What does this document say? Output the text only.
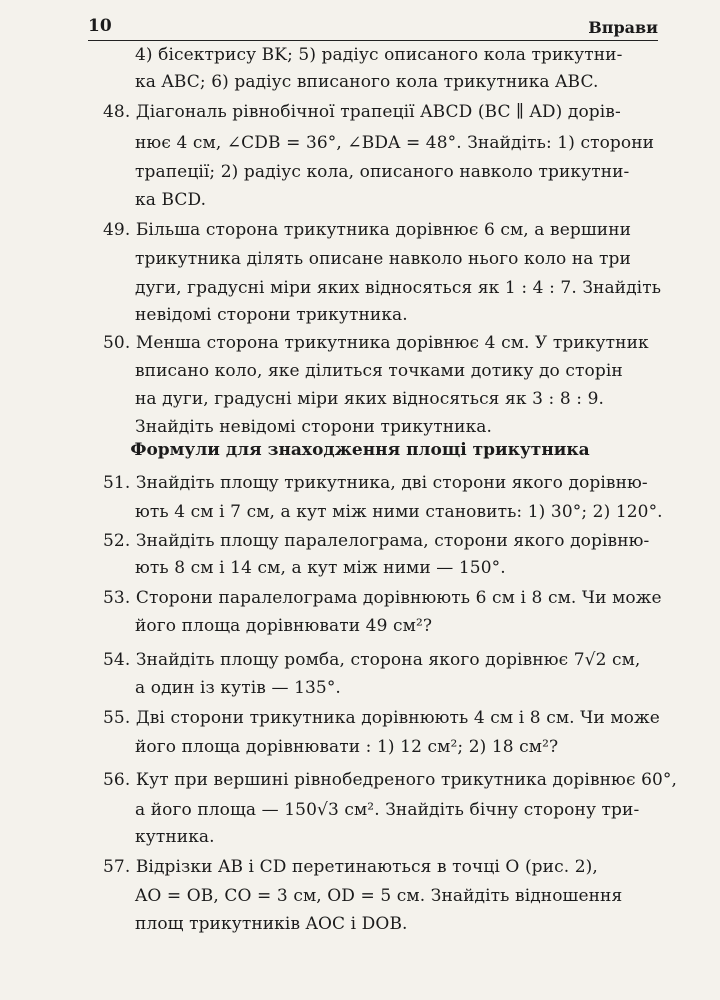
10	Вправи
4) бісектрису BK; 5) радіус описаного кола трикутни-
ка ABC; 6) радіус вписаного кола трикутника ABC.
48. Діагональ рівнобічної трапеції ABCD (BC ∥ AD) дорів-
нює 4 см, ∠CDB = 36°, ∠BDA = 48°. Знайдіть: 1) сторони
трапеції; 2) радіус кола, описаного навколо трикутни-
ка BCD.
49. Більша сторона трикутника дорівнює 6 см, а вершини
трикутника ділять описане навколо нього коло на три
дуги, градусні міри яких відносяться як 1 : 4 : 7. Знайдіть
невідомі сторони трикутника.
50. Менша сторона трикутника дорівнює 4 см. У трикутник
вписано коло, яке ділиться точками дотику до сторін
на дуги, градусні міри яких відносяться як 3 : 8 : 9.
Знайдіть невідомі сторони трикутника.
Формули для знаходження площі трикутника
51. Знайдіть площу трикутника, дві сторони якого дорівню-
ють 4 см і 7 см, а кут між ними становить: 1) 30°; 2) 120°.
52. Знайдіть площу паралелограма, сторони якого дорівню-
ють 8 см і 14 см, а кут між ними — 150°.
53. Сторони паралелограма дорівнюють 6 см і 8 см. Чи може
його площа дорівнювати 49 см²?
54. Знайдіть площу ромба, сторона якого дорівнює 7√2 см,
а один із кутів — 135°.
55. Дві сторони трикутника дорівнюють 4 см і 8 см. Чи може
його площа дорівнювати : 1) 12 см²; 2) 18 см²?
56. Кут при вершині рівнобедреного трикутника дорівнює 60°,
а його площа — 150√3 см². Знайдіть бічну сторону три-
кутника.
57. Відрізки AB і CD перетинаються в точці O (рис. 2),
AO = OB, CO = 3 см, OD = 5 см. Знайдіть відношення
площ трикутників AOC і DOB.
